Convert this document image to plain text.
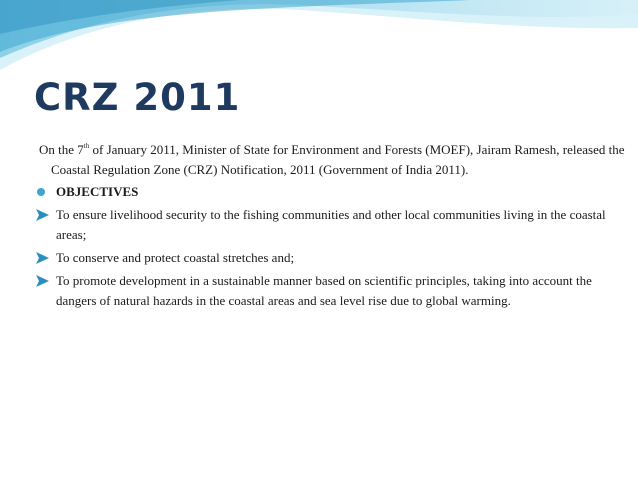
CRZ 2011

On the 7th of January 2011, Minister of State for Environment and Forests (MOEF), Jairam Ramesh, released the Coastal Regulation Zone (CRZ) Notification, 2011 (Government of India 2011).

OBJECTIVES
To ensure livelihood security to the fishing communities and other local communities living in the coastal areas;
To conserve and protect coastal stretches and;
To promote development in a sustainable manner based on scientific principles, taking into account the dangers of natural hazards in the coastal areas and sea level rise due to global warming.
